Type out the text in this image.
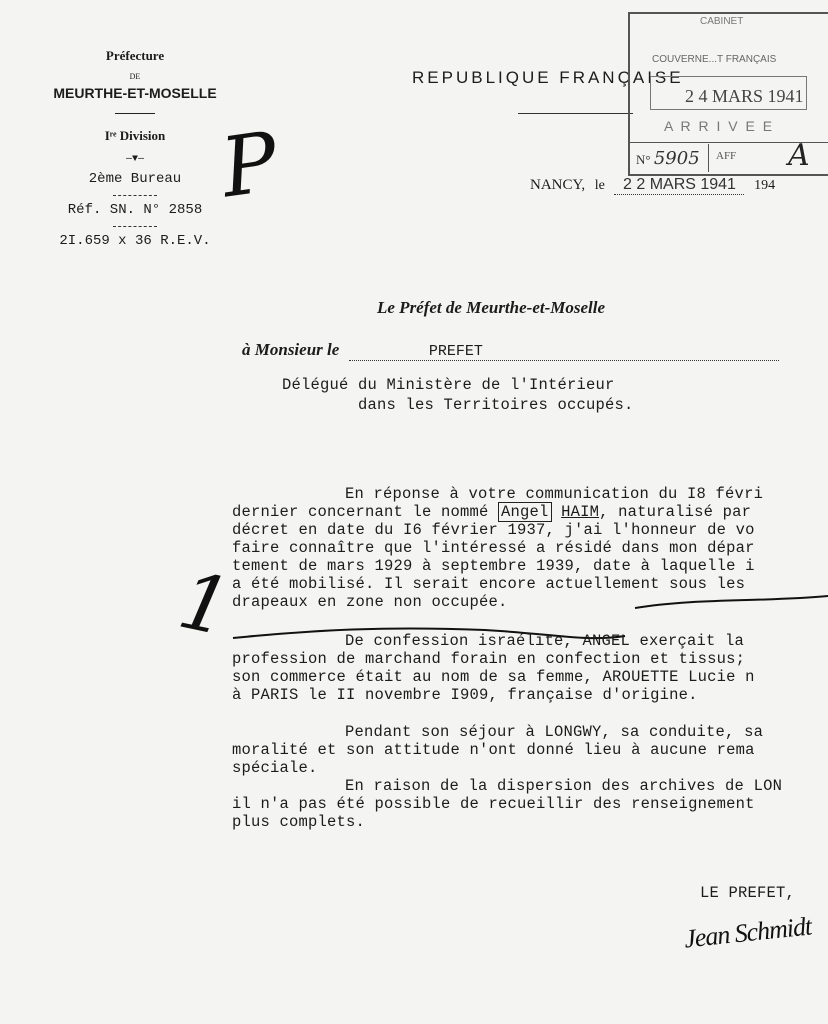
Préfecture
DE
MEURTHE-ET-MOSELLE
Iʳᵉ Division
—▼—
2ème Bureau
Réf. SN. N° 2858
2I.659 x 36 R.E.V.
P
REPUBLIQUE FRANÇAISE
CABINET
COUVERNE...T FRANÇAIS
2 4 MARS 1941
A R R I V E E
N° 5905 AFF A
NANCY, le 2 2 MARS 1941 194
Le Préfet de Meurthe-et-Moselle
à Monsieur le	PREFET
Délégué du Ministère de l'Intérieur
dans les Territoires occupés.
En réponse à votre communication du I8 févri
dernier concernant le nommé Angel HAIM, naturalisé par
décret en date du I6 février 1937, j'ai l'honneur de vo
faire connaître que l'intéressé a résidé dans mon dépar
tement de mars 1929 à septembre 1939, date à laquelle i
a été mobilisé. Il serait encore actuellement sous les
drapeaux en zone non occupée.
1	De confession israélite, ANGEL exerçait la
profession de marchand forain en confection et tissus;
son commerce était au nom de sa femme, AROUETTE Lucie n
à PARIS le II novembre I909, française d'origine.
Pendant son séjour à LONGWY, sa conduite, sa
moralité et son attitude n'ont donné lieu à aucune rema
spéciale.
En raison de la dispersion des archives de LON
il n'a pas été possible de recueillir des renseignement
plus complets.
LE PREFET,
Jean Schmidt
